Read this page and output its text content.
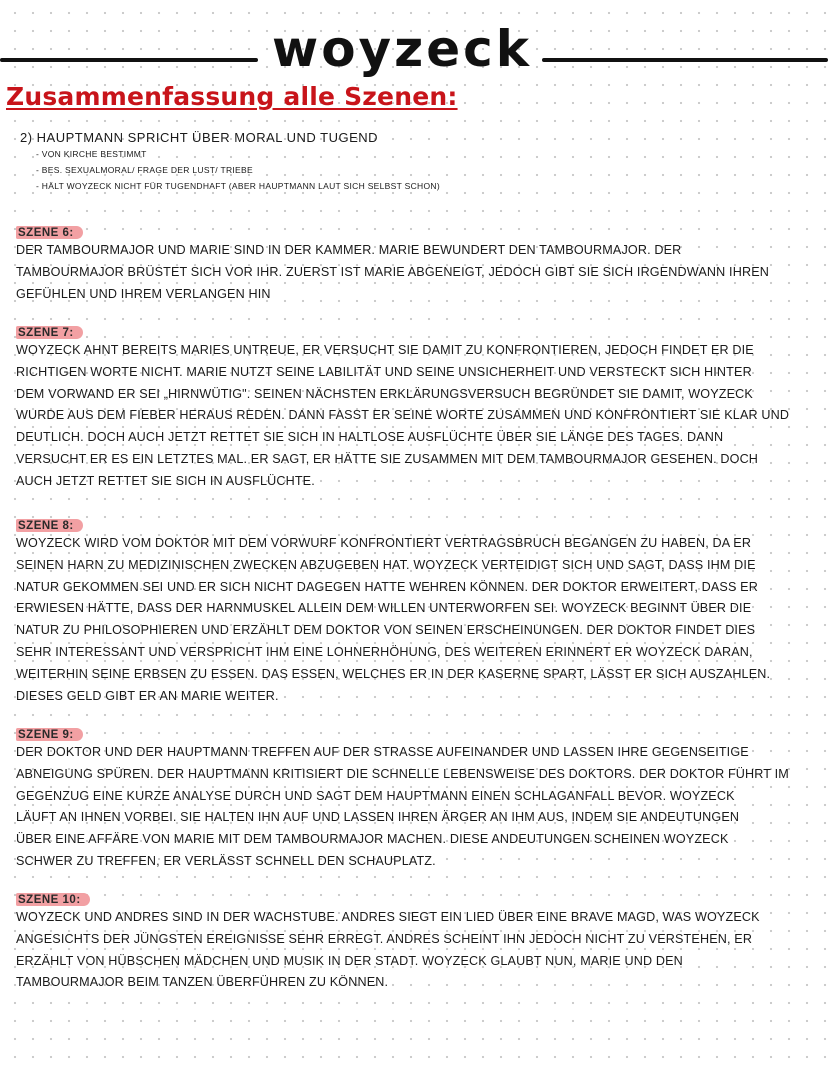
woyzeck
Zusammenfassung alle Szenen:

2) HAUPTMANN SPRICHT ÜBER MORAL UND TUGEND

- VON KIRCHE BESTIMMT

- BES. SEXUALMORAL/ FRAGE DER LUST/ TRIEBE

- HÄLT WOYZECK NICHT FÜR TUGENDHAFT (ABER HAUPTMANN LAUT SICH SELBST SCHON)

SZENE 6:

DER TAMBOURMAJOR UND MARIE SIND IN DER KAMMER. MARIE BEWUNDERT DEN TAMBOURMAJOR. DER

TAMBOURMAJOR BRÜSTET SICH VOR IHR. ZUERST IST MARIE ABGENEIGT, JEDOCH GIBT SIE SICH IRGENDWANN IHREN

GEFÜHLEN UND IHREM VERLANGEN HIN

SZENE 7:

WOYZECK AHNT BEREITS MARIES UNTREUE, ER VERSUCHT SIE DAMIT ZU KONFRONTIEREN, JEDOCH FINDET ER DIE

RICHTIGEN WORTE NICHT. MARIE NUTZT SEINE LABILITÄT UND SEINE UNSICHERHEIT UND VERSTECKT SICH HINTER

DEM VORWAND ER SEI „HIRNWÜTIG". SEINEN NÄCHSTEN ERKLÄRUNGSVERSUCH BEGRÜNDET SIE DAMIT, WOYZECK

WURDE AUS DEM FIEBER HERAUS REDEN. DANN FASST ER SEINE WORTE ZUSAMMEN UND KONFRONTIERT SIE KLAR UND

DEUTLICH. DOCH AUCH JETZT RETTET SIE SICH IN HALTLOSE AUSFLÜCHTE ÜBER SIE LÄNGE DES TAGES. DANN

VERSUCHT ER ES EIN LETZTES MAL. ER SAGT, ER HÄTTE SIE ZUSAMMEN MIT DEM TAMBOURMAJOR GESEHEN. DOCH

AUCH JETZT RETTET SIE SICH IN AUSFLÜCHTE.

SZENE 8:

WOYZECK WIRD VOM DOKTOR MIT DEM VORWURF KONFRONTIERT VERTRAGSBRUCH BEGANGEN ZU HABEN, DA ER

SEINEN HARN ZU MEDIZINISCHEN ZWECKEN ABZUGEBEN HAT. WOYZECK VERTEIDIGT SICH UND SAGT, DASS IHM DIE

NATUR GEKOMMEN SEI UND ER SICH NICHT DAGEGEN HATTE WEHREN KÖNNEN. DER DOKTOR ERWEITERT, DASS ER

ERWIESEN HÄTTE, DASS DER HARNMUSKEL ALLEIN DEM WILLEN UNTERWORFEN SEI. WOYZECK BEGINNT ÜBER DIE

NATUR ZU PHILOSOPHIEREN UND ERZÄHLT DEM DOKTOR VON SEINEN ERSCHEINUNGEN. DER DOKTOR FINDET DIES

SEHR INTERESSANT UND VERSPRICHT IHM EINE LOHNERHÖHUNG, DES WEITEREN ERINNERT ER WOYZECK DARAN,

WEITERHIN SEINE ERBSEN ZU ESSEN. DAS ESSEN, WELCHES ER IN DER KASERNE SPART, LÄSST ER SICH AUSZAHLEN.

DIESES GELD GIBT ER AN MARIE WEITER.

SZENE 9:

DER DOKTOR UND DER HAUPTMANN TREFFEN AUF DER STRASSE AUFEINANDER UND LASSEN IHRE GEGENSEITIGE

ABNEIGUNG SPÜREN. DER HAUPTMANN KRITISIERT DIE SCHNELLE LEBENSWEISE DES DOKTORS. DER DOKTOR FÜHRT IM

GEGENZUG EINE KURZE ANALYSE DURCH UND SAGT DEM HAUPTMANN EINEN SCHLAGANFALL BEVOR. WOYZECK

LÄUFT AN IHNEN VORBEI. SIE HALTEN IHN AUF UND LASSEN IHREN ÄRGER AN IHM AUS, INDEM SIE ANDEUTUNGEN

ÜBER EINE AFFÄRE VON MARIE MIT DEM TAMBOURMAJOR MACHEN. DIESE ANDEUTUNGEN SCHEINEN WOYZECK

SCHWER ZU TREFFEN, ER VERLÄSST SCHNELL DEN SCHAUPLATZ.

SZENE 10:

WOYZECK UND ANDRES SIND IN DER WACHSTUBE. ANDRES SIEGT EIN LIED ÜBER EINE BRAVE MAGD, WAS WOYZECK

ANGESICHTS DER JÜNGSTEN EREIGNISSE SEHR ERREGT. ANDRES SCHEINT IHN JEDOCH NICHT ZU VERSTEHEN, ER

ERZÄHLT VON HÜBSCHEN MÄDCHEN UND MUSIK IN DER STADT. WOYZECK GLAUBT NUN, MARIE UND DEN

TAMBOURMAJOR BEIM TANZEN ÜBERFÜHREN ZU KÖNNEN.
